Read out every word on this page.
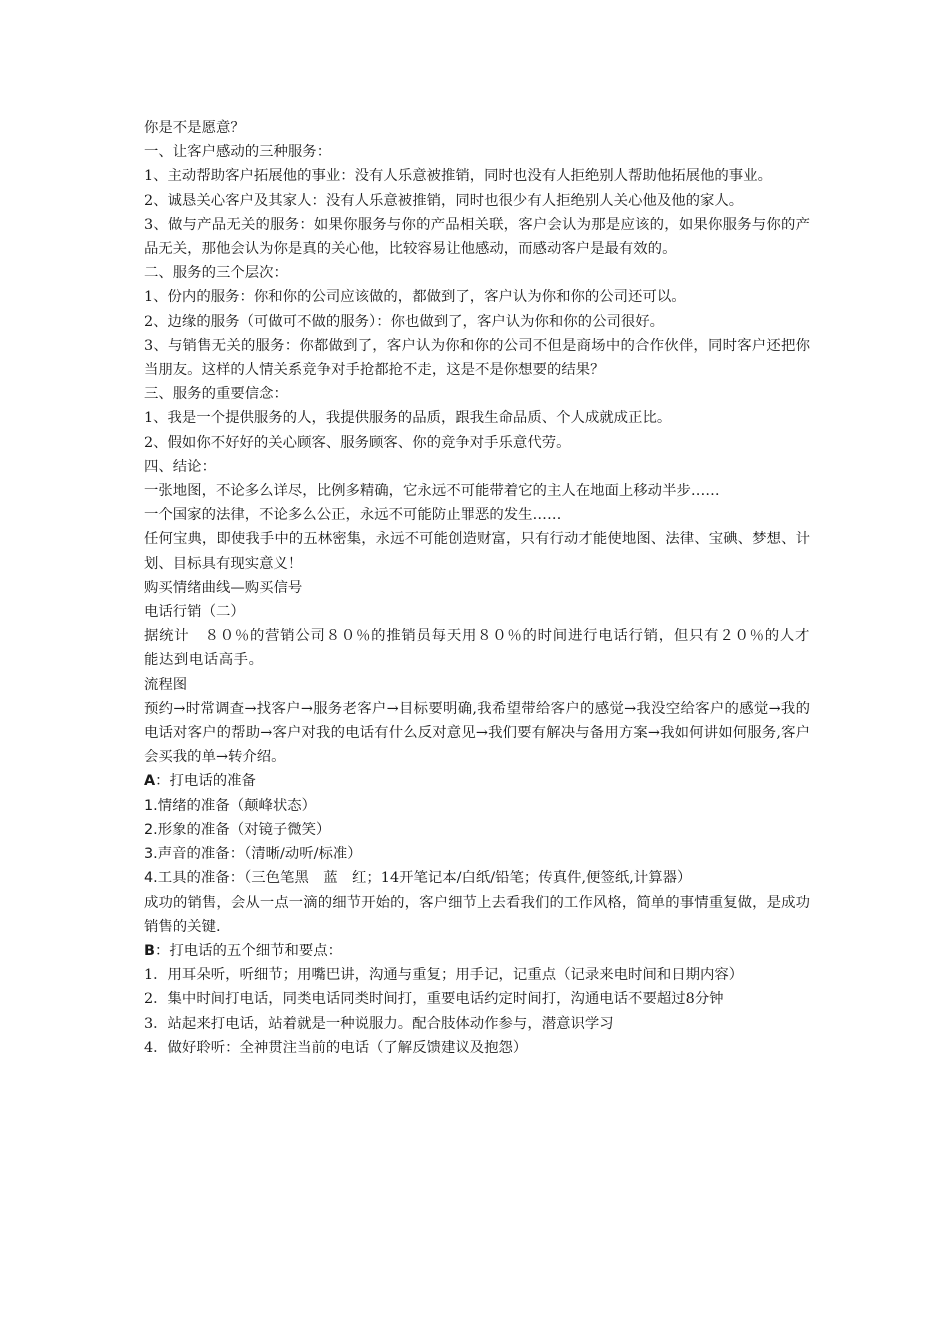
你是不是愿意？

一、让客户感动的三种服务：

1、主动帮助客户拓展他的事业：没有人乐意被推销，同时也没有人拒绝别人帮助他拓展他的事业。

2、诚恳关心客户及其家人：没有人乐意被推销，同时也很少有人拒绝别人关心他及他的家人。

3、做与产品无关的服务：如果你服务与你的产品相关联，客户会认为那是应该的，如果你服务与你的产品无关，那他会认为你是真的关心他，比较容易让他感动，而感动客户是最有效的。

二、服务的三个层次：

1、份内的服务：你和你的公司应该做的，都做到了，客户认为你和你的公司还可以。

2、边缘的服务（可做可不做的服务）：你也做到了，客户认为你和你的公司很好。

3、与销售无关的服务：你都做到了，客户认为你和你的公司不但是商场中的合作伙伴，同时客户还把你当朋友。这样的人情关系竞争对手抢都抢不走，这是不是你想要的结果？

三、服务的重要信念：

1、我是一个提供服务的人，我提供服务的品质，跟我生命品质、个人成就成正比。

2、假如你不好好的关心顾客、服务顾客、你的竞争对手乐意代劳。

四、结论：

一张地图，不论多么详尽，比例多精确，它永远不可能带着它的主人在地面上移动半步……

一个国家的法律，不论多么公正，永远不可能防止罪恶的发生……

任何宝典，即使我手中的五林密集，永远不可能创造财富，只有行动才能使地图、法律、宝碘、梦想、计划、目标具有现实意义！

购买情绪曲线—购买信号

电话行销（二）

据统计　８０％的营销公司８０％的推销员每天用８０％的时间进行电话行销，但只有２０％的人才能达到电话高手。

流程图

预约→时常调查→找客户→服务老客户→目标要明确,我希望带给客户的感觉→我没空给客户的感觉→我的电话对客户的帮助→客户对我的电话有什么反对意见→我们要有解决与备用方案→我如何讲如何服务,客户会买我的单→转介绍。

A：打电话的准备

1.情绪的准备（颠峰状态）

2.形象的准备（对镜子微笑）

3.声音的准备：（清晰/动听/标准）

4.工具的准备：（三色笔黑　蓝　红；14开笔记本/白纸/铅笔；传真件,便签纸,计算器）

成功的销售，会从一点一滴的细节开始的，客户细节上去看我们的工作风格，简单的事情重复做，是成功销售的关键.

B：打电话的五个细节和要点：

1．用耳朵听，听细节；用嘴巴讲，沟通与重复；用手记，记重点（记录来电时间和日期内容）

2．集中时间打电话，同类电话同类时间打，重要电话约定时间打，沟通电话不要超过8分钟

3．站起来打电话，站着就是一种说服力。配合肢体动作参与，潜意识学习

4．做好聆听：全神贯注当前的电话（了解反馈建议及抱怨）
